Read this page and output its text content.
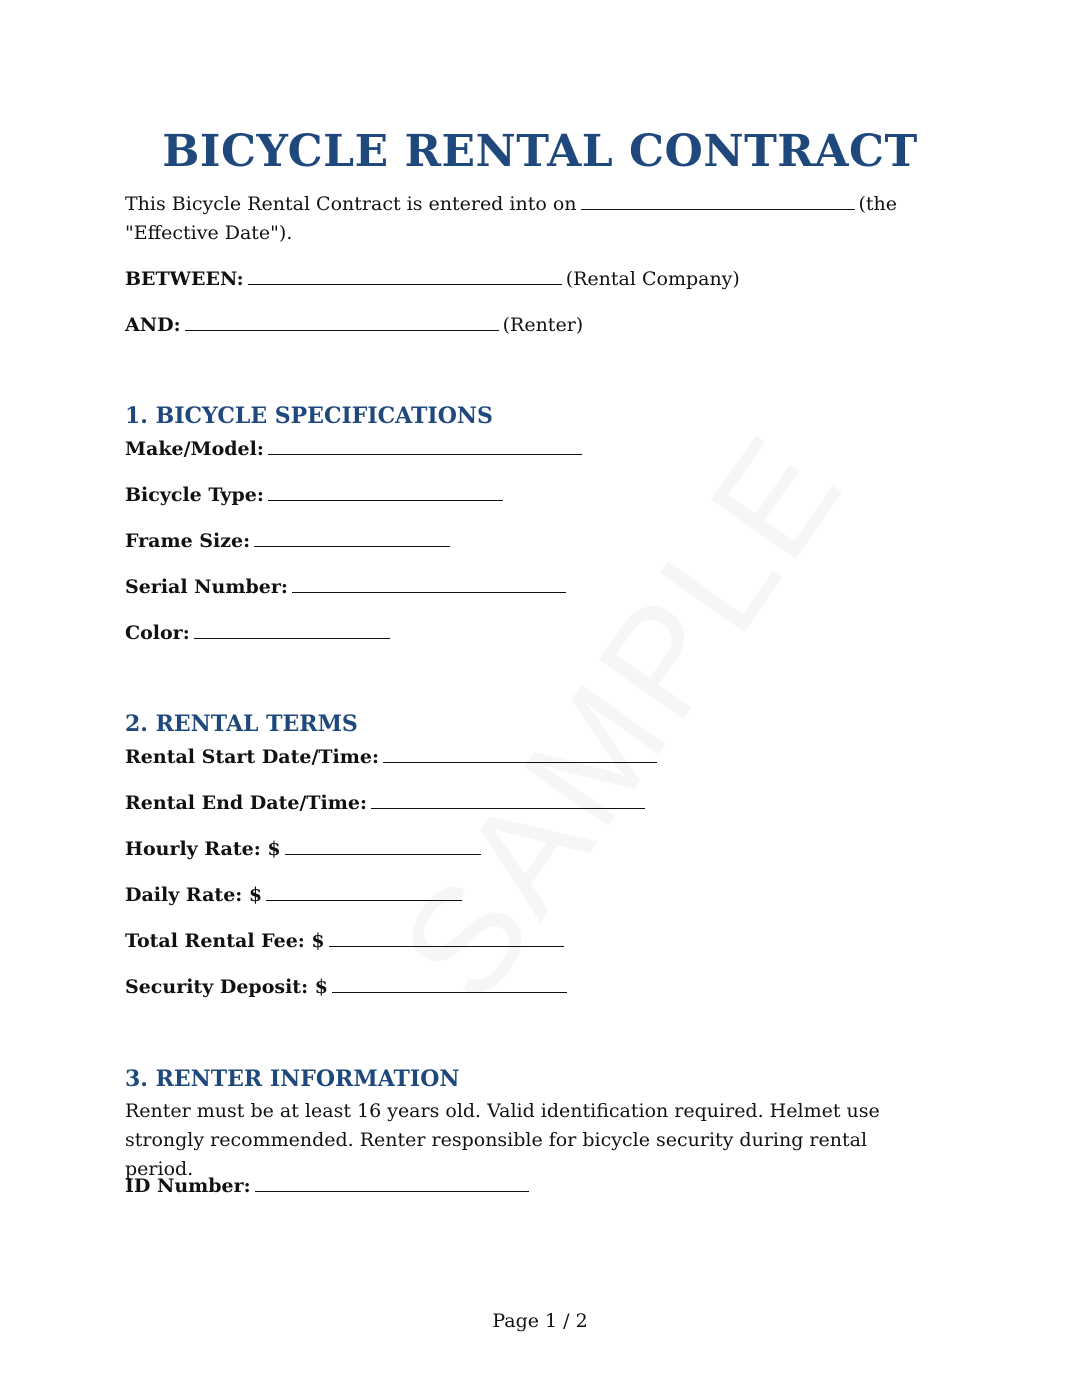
BICYCLE RENTAL CONTRACT
This Bicycle Rental Contract is entered into on	(the
"Effective Date").
BETWEEN:	(Rental Company)
AND:	(Renter)
1. BICYCLE SPECIFICATIONS
Make/Model:
Bicycle Type:
Frame Size:
Serial Number:
Color:
2. RENTAL TERMS
Rental Start Date/Time:
Rental End Date/Time:
Hourly Rate: $
Daily Rate: $
Total Rental Fee: $
Security Deposit: $
3. RENTER INFORMATION
Renter must be at least 16 years old. Valid identification required. Helmet use strongly recommended. Renter responsible for bicycle security during rental period.
ID Number:
Page 1 / 2
